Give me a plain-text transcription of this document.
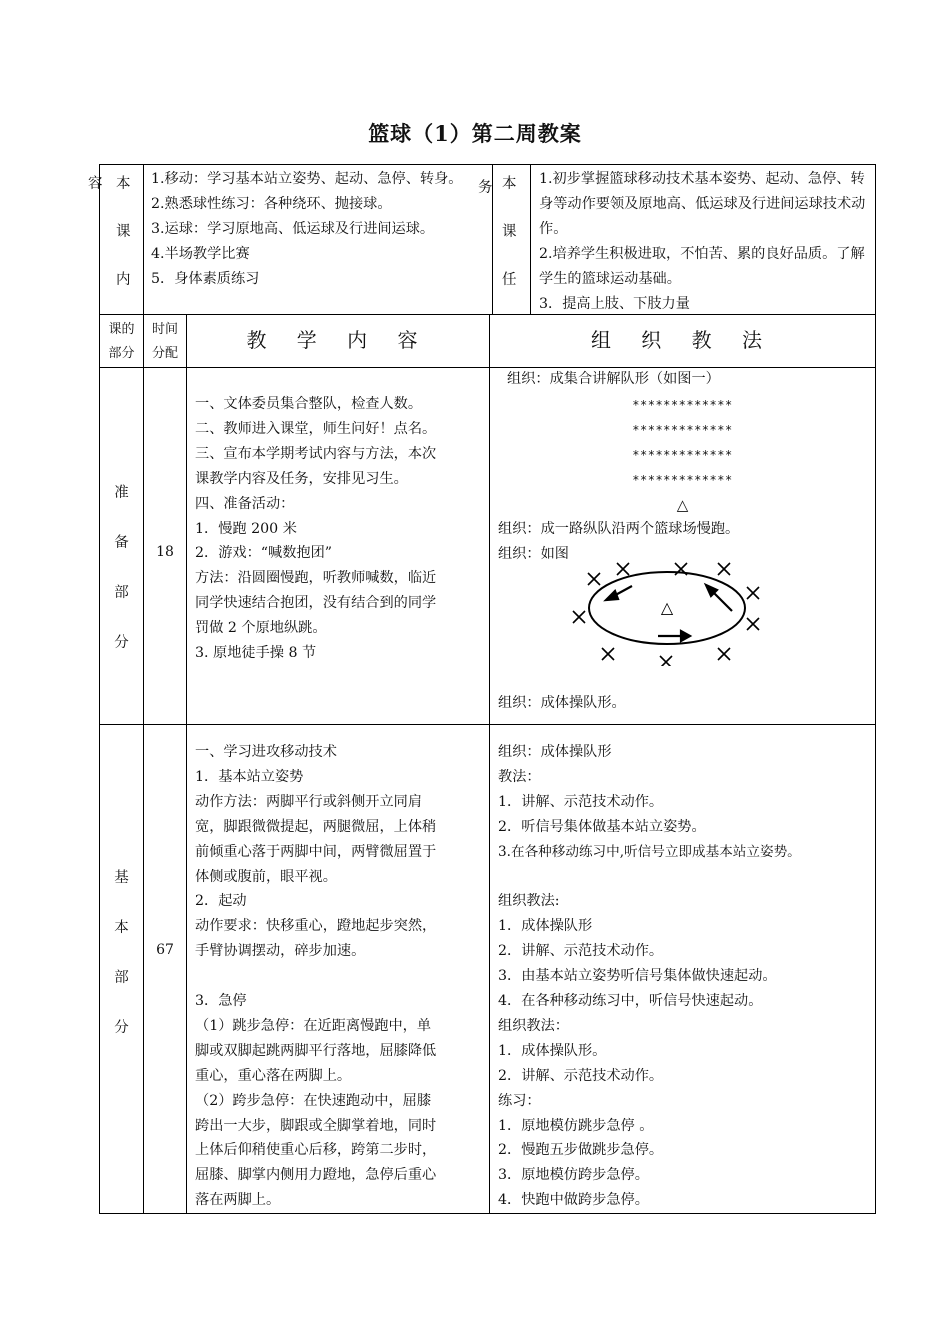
篮球（1）第二周教案
容 本
课
内
1.移动：学习基本站立姿势、起动、急停、转身。
2.熟悉球性练习：各种绕环、抛接球。
3.运球：学习原地高、低运球及行进间运球。
4.半场教学比赛
5．身体素质练习
务 本
课
任
1.初步掌握篮球移动技术基本姿势、起动、急停、转身等动作要领及原地高、低运球及行进间运球技术动作。
2.培养学生积极进取，不怕苦、累的良好品质。了解学生的篮球运动基础。
3．提高上肢、下肢力量
课的
部分
时间
分配
教 学 内 容	组 织 教 法
准
备
部
分
18
一、文体委员集合整队，检查人数。
二、教师进入课堂，师生问好！点名。
三、宣布本学期考试内容与方法，本次
课教学内容及任务，安排见习生。
四、准备活动：
1．慢跑 200 米
2．游戏：“喊数抱团”
方法：沿圆圈慢跑，听教师喊数，临近
同学快速结合抱团，没有结合到的同学
罚做 2 个原地纵跳。
3. 原地徒手操 8 节
组织：成集合讲解队形（如图一）
*************
*************
*************
*************
△
组织：成一路纵队沿两个篮球场慢跑。
组织：如图
△
组织：成体操队形。
基
本
部
分
67
一、学习进攻移动技术
1．基本站立姿势
动作方法：两脚平行或斜侧开立同肩
宽，脚跟微微提起，两腿微屈，上体稍
前倾重心落于两脚中间，两臂微屈置于
体侧或腹前，眼平视。
2．起动
动作要求：快移重心，蹬地起步突然，
手臂协调摆动，碎步加速。
3．急停
（1）跳步急停：在近距离慢跑中，单
脚或双脚起跳两脚平行落地，屈膝降低
重心，重心落在两脚上。
（2）跨步急停：在快速跑动中，屈膝
跨出一大步，脚跟或全脚掌着地，同时
上体后仰稍使重心后移，跨第二步时，
屈膝、脚掌内侧用力蹬地，急停后重心
落在两脚上。
组织：成体操队形
教法：
1．讲解、示范技术动作。
2．听信号集体做基本站立姿势。
3.在各种移动练习中,听信号立即成基本站立姿势。
组织教法:
1．成体操队形
2．讲解、示范技术动作。
3．由基本站立姿势听信号集体做快速起动。
4．在各种移动练习中，听信号快速起动。
组织教法：
1．成体操队形。
2．讲解、示范技术动作。
练习：
1．原地模仿跳步急停 。
2．慢跑五步做跳步急停。
3．原地模仿跨步急停。
4．快跑中做跨步急停。
